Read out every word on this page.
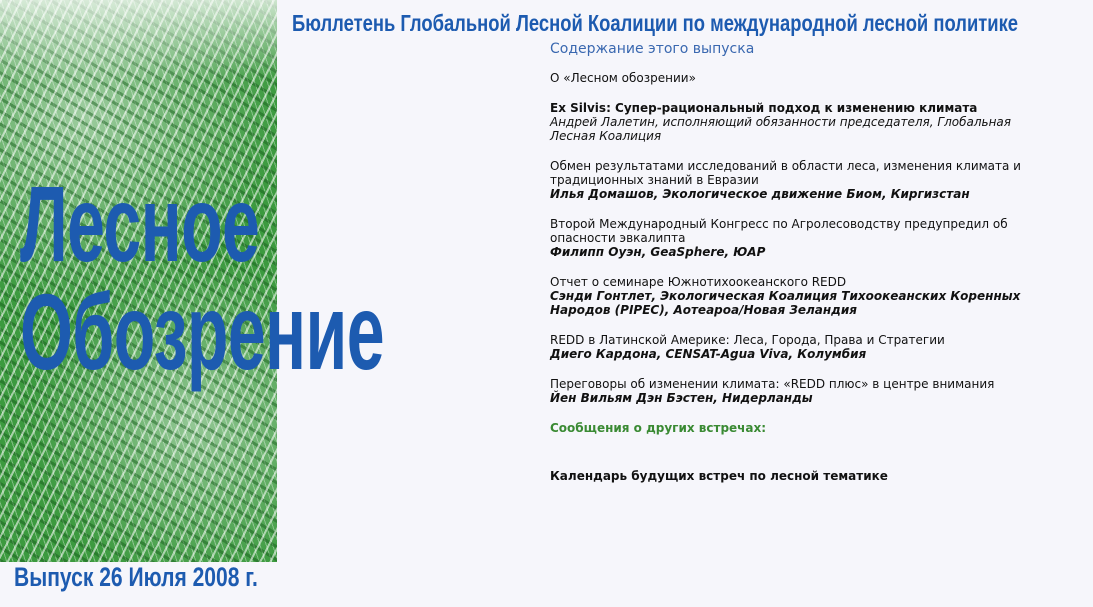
Лесное
Обозрение
Выпуск 26 Июля 2008 г.
Бюллетень Глобальной Лесной Коалиции по международной лесной политике
Содержание этого выпуска
О «Лесном обозрении»
Ex Silvis: Супер-рациональный подход к изменению климата
Андрей Лалетин, исполняющий обязанности председателя, Глобальная Лесная Коалиция
Обмен результатами исследований в области леса, изменения климата и традиционных знаний в Евразии
Илья Домашов, Экологическое движение Биом, Киргизстан
Второй Международный Конгресс по Агролесоводству предупредил об опасности эвкалипта
Филипп Оуэн, GeaSphere, ЮАР
Отчет о семинаре Южнотихоокеанского REDD
Сэнди Гонтлет, Экологическая Коалиция Тихоокеанских Коренных Народов (PIPEC), Аотеароа/Новая Зеландия
REDD в Латинской Америке: Леса, Города, Права и Стратегии
Диего Кардона, CENSAT-Agua Viva, Колумбия
Переговоры об изменении климата: «REDD плюс» в центре внимания
Йен Вильям Дэн Бэстен, Нидерланды
Сообщения о других встречах:
Календарь будущих встреч по лесной тематике
